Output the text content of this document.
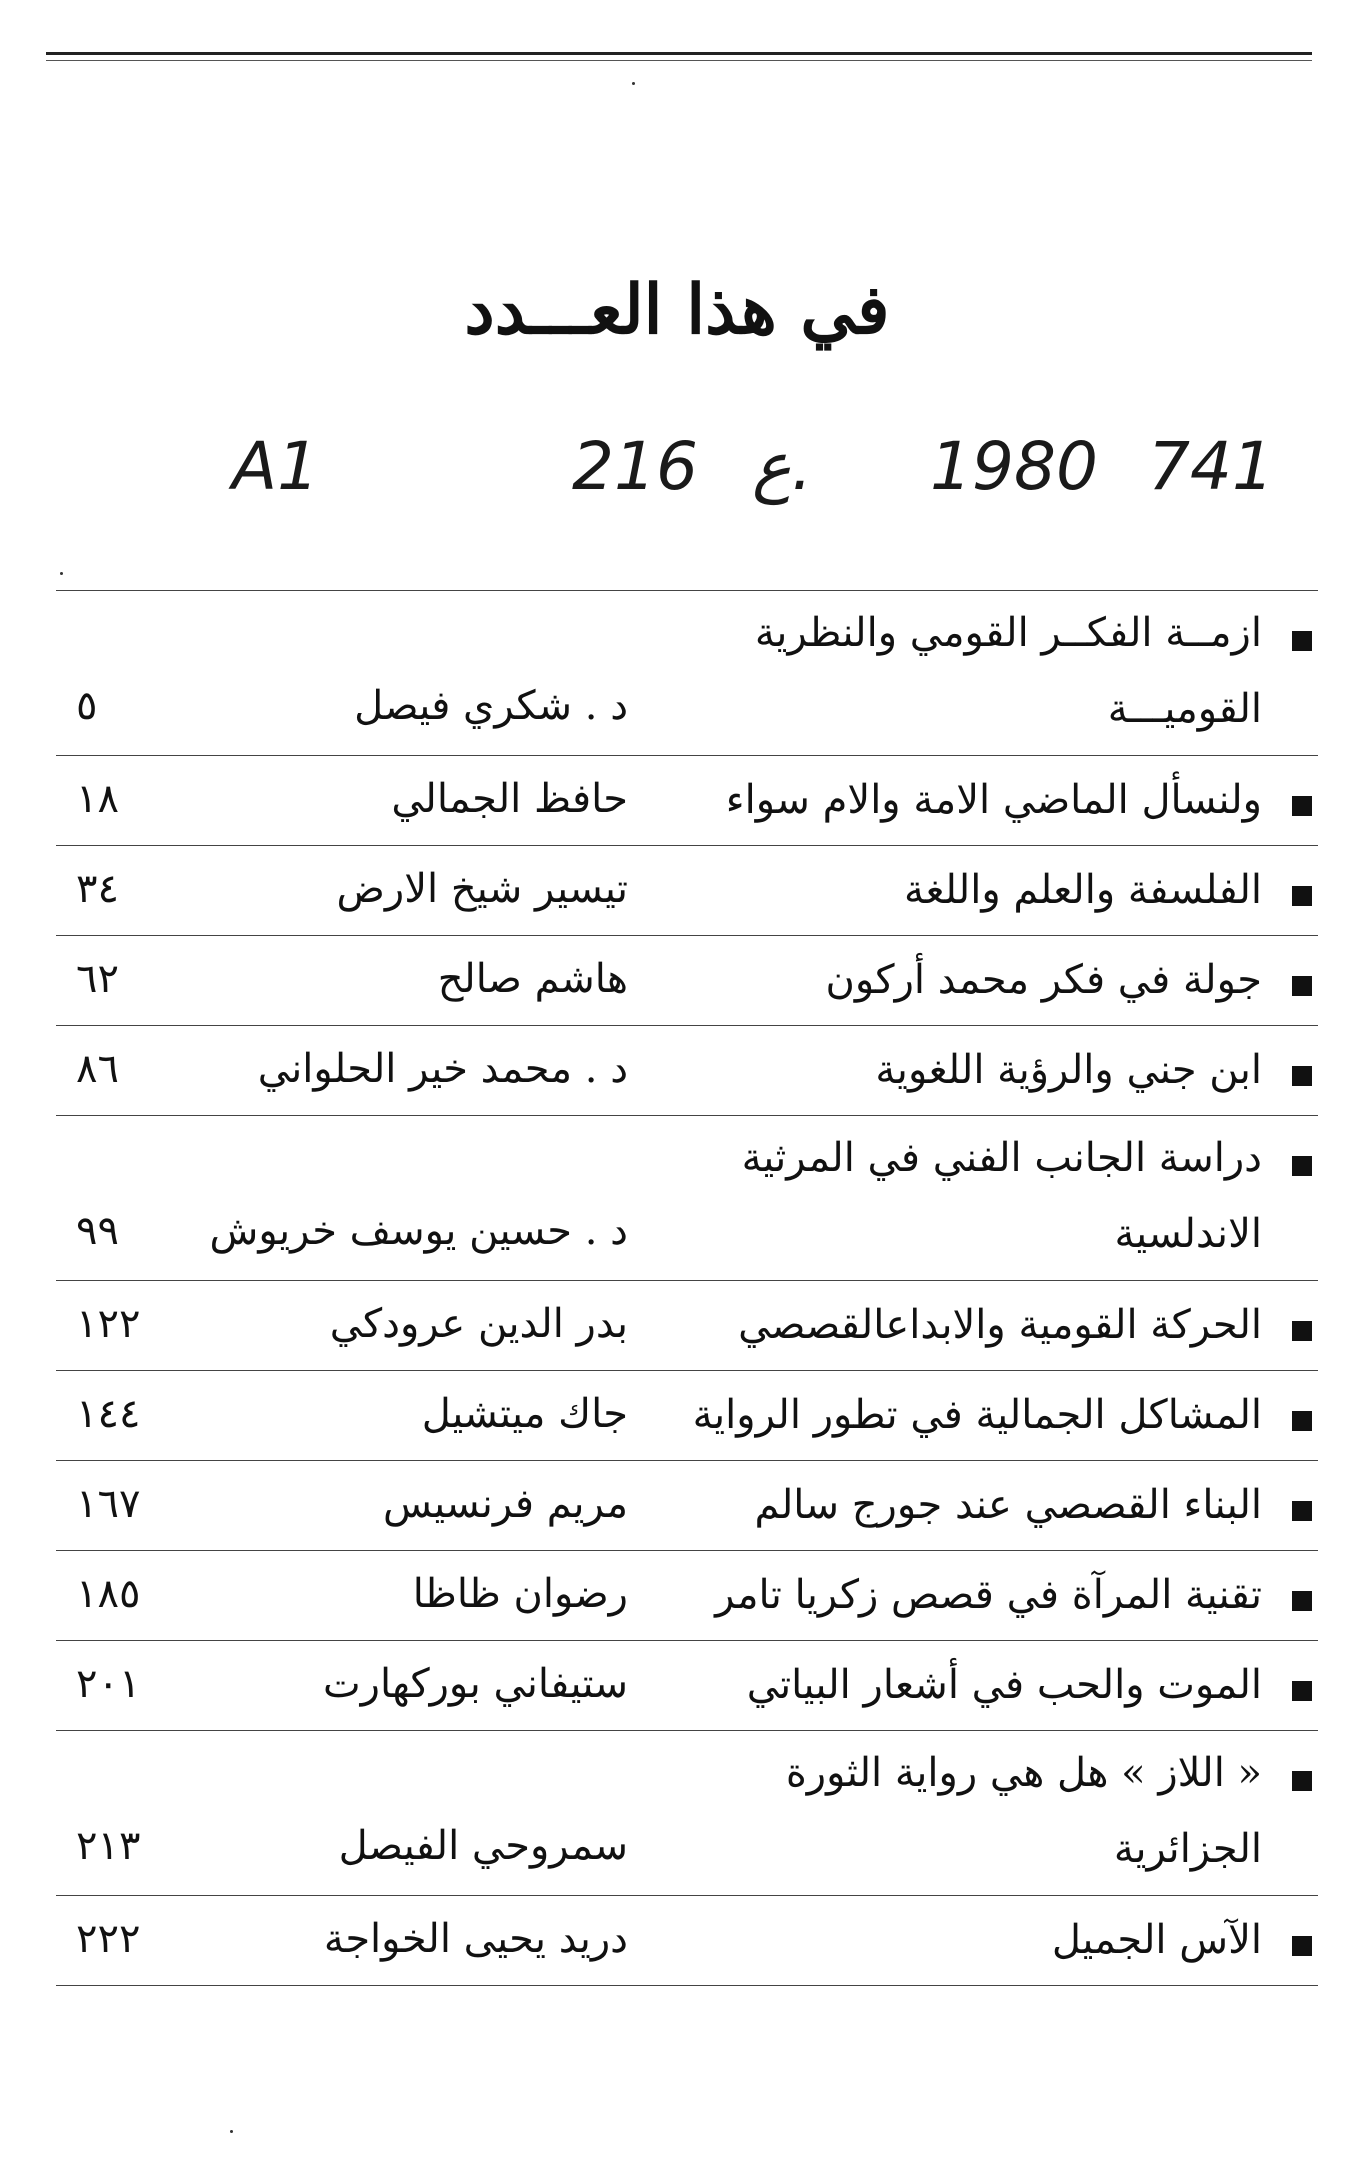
في هذا العـــدد
A1	216 ع. 1980 741
ازمــة الفكــر القومي والنظرية القوميـــة
د . شكري فيصل
٥
ولنسأل الماضي الامة والام سواء
حافظ الجمالي
١٨
الفلسفة والعلم واللغة
تيسير شيخ الارض
٣٤
جولة في فكر محمد أركون
هاشم صالح
٦٢
ابن جني والرؤية اللغوية
د . محمد خير الحلواني
٨٦
دراسة الجانب الفني في المرثية الاندلسية
د . حسين يوسف خريوش
٩٩
الحركة القومية والابداعالقصصي
بدر الدين عرودكي
١٢٢
المشاكل الجمالية في تطور الرواية
جاك ميتشيل
١٤٤
البناء القصصي عند جورج سالم
مريم فرنسيس
١٦٧
تقنية المرآة في قصص زكريا تامر
رضوان ظاظا
١٨٥
الموت والحب في أشعار البياتي
ستيفاني بوركهارت
٢٠١
« اللاز » هل هي رواية الثورة الجزائرية
سمروحي الفيصل
٢١٣
الآس الجميل
دريد يحيى الخواجة
٢٢٢
